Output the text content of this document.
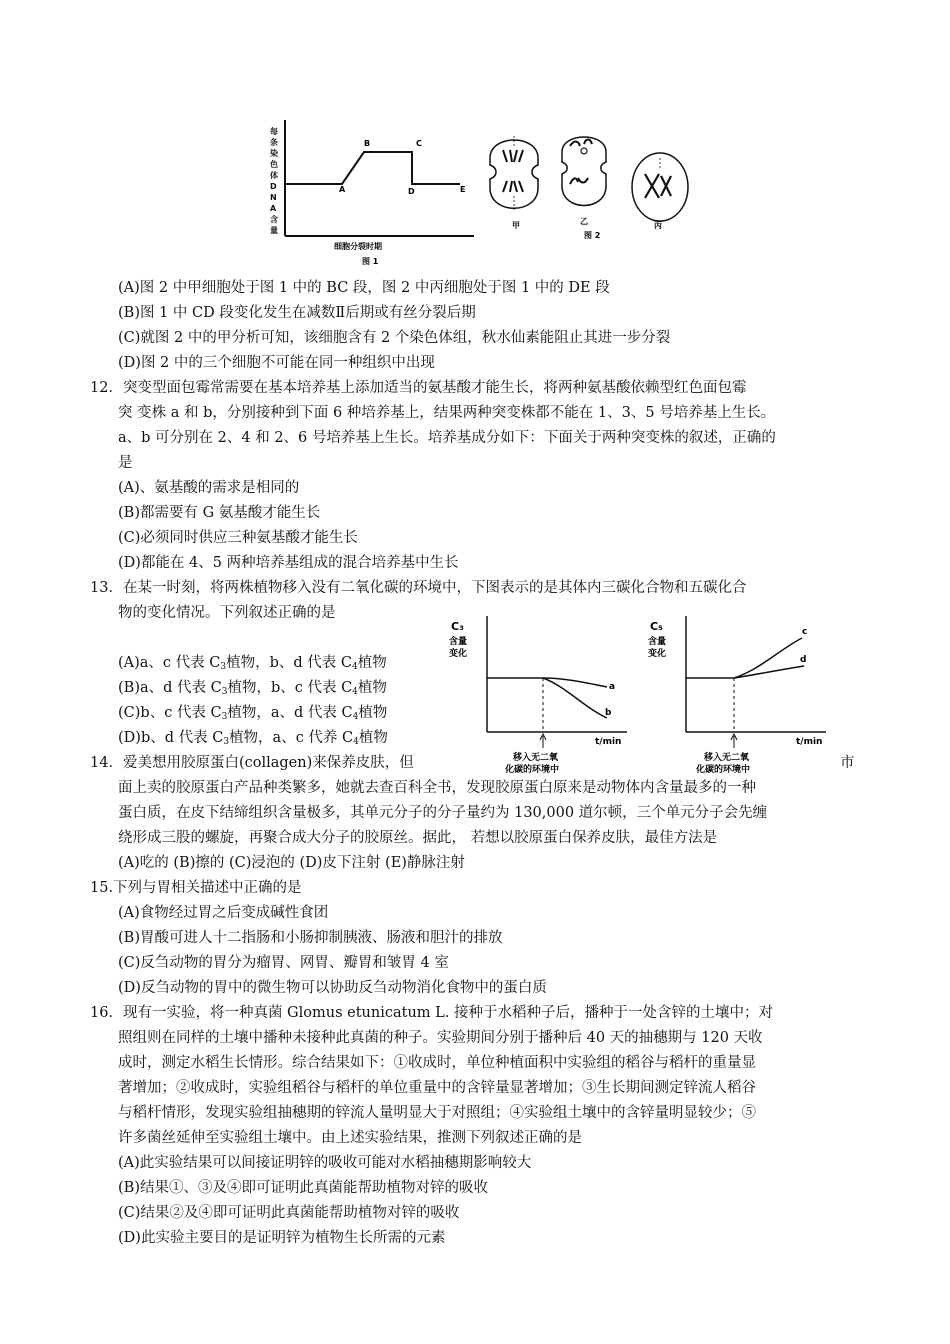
每
条
染
色
体
D
N
A
含
量
A
B	C
D	E
细胞分裂时期
图 1
甲	乙
图 2
丙
(A)图 2 中甲细胞处于图 1 中的 BC 段，图 2 中丙细胞处于图 1 中的 DE 段
(B)图 1 中 CD 段变化发生在减数Ⅱ后期或有丝分裂后期
(C)就图 2 中的甲分析可知，该细胞含有 2 个染色体组，秋水仙素能阻止其进一步分裂
(D)图 2 中的三个细胞不可能在同一种组织中出现
12．突变型面包霉常需要在基本培养基上添加适当的氨基酸才能生长，将两种氨基酸依赖型红色面包霉
突 变株 a 和 b，分别接种到下面 6 种培养基上，结果两种突变株都不能在 1、3、5 号培养基上生长。
a、b 可分别在 2、4 和 2、6 号培养基上生长。培养基成分如下：下面关于两种突变株的叙述，正确的
是
(A)、氨基酸的需求是相同的
(B)都需要有 G 氨基酸才能生长
(C)必须同时供应三种氨基酸才能生长
(D)都能在 4、5 两种培养基组成的混合培养基中生长
13．在某一时刻，将两株植物移入没有二氧化碳的环境中，下图表示的是其体内三碳化合物和五碳化合
物的变化情况。下列叙述正确的是
(A)a、c 代表 $C_3$植物，b、d 代表 $C_4$植物
(B)a、d 代表 $C_3$植物，b、c 代表 $C_4$植物
(C)b、c 代表 $C_3$植物，a、d 代表 $C_4$植物
(D)b、d 代表 $C_3$植物，a、c 代养 $C_4$植物
C₃
含量
变化
a
b
t/min
移入无二氧
化碳的环境中
C₅
含量
变化
c
d
t/min
移入无二氧
化碳的环境中
14．爱美想用胶原蛋白(collagen)来保养皮肤，但	市
面上卖的胶原蛋白产品种类繁多，她就去查百科全书，发现胶原蛋白原来是动物体内含量最多的一种
蛋白质，在皮下结缔组织含量极多，其单元分子的分子量约为 130,000 道尔顿，三个单元分子会先缠
绕形成三股的螺旋，再聚合成大分子的胶原丝。据此， 若想以胶原蛋白保养皮肤，最佳方法是
(A)吃的 (B)擦的 (C)浸泡的 (D)皮下注射 (E)静脉注射
15.下列与胃相关描述中正确的是
(A)食物经过胃之后变成碱性食团
(B)胃酸可进人十二指肠和小肠抑制胰液、肠液和胆汁的排放
(C)反刍动物的胃分为瘤胃、网胃、瓣胃和皱胃 4 室
(D)反刍动物的胃中的微生物可以协助反刍动物消化食物中的蛋白质
16．现有一实验，将一种真菌 Glomus etunicatum L. 接种于水稻种子后，播种于一处含锌的土壤中；对
照组则在同样的土壤中播种未接种此真菌的种子。实验期间分别于播种后 40 天的抽穗期与 120 天收
成时，测定水稻生长情形。综合结果如下：①收成时，单位种植面积中实验组的稻谷与稻杆的重量显
著增加；②收成时，实验组稻谷与稻杆的单位重量中的含锌量显著增加；③生长期间测定锌流人稻谷
与稻杆情形，发现实验组抽穗期的锌流人量明显大于对照组；④实验组土壤中的含锌量明显较少；⑤
许多菌丝延伸至实验组土壤中。由上述实验结果，推测下列叙述正确的是
(A)此实验结果可以间接证明锌的吸收可能对水稻抽穗期影响较大
(B)结果①、③及④即可证明此真菌能帮助植物对锌的吸收
(C)结果②及④即可证明此真菌能帮助植物对锌的吸收
(D)此实验主要目的是证明锌为植物生长所需的元素
